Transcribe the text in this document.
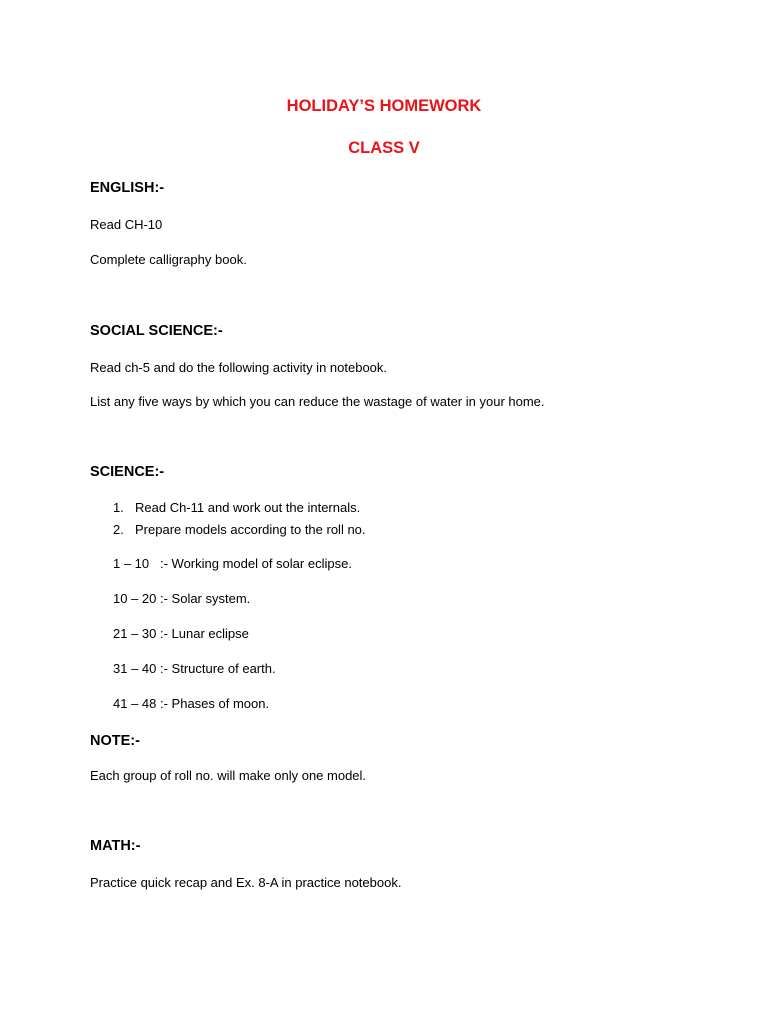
HOLIDAY’S HOMEWORK
CLASS V
ENGLISH:-
Read CH-10
Complete calligraphy book.
SOCIAL SCIENCE:-
Read ch-5 and do the following activity in notebook.
List any five ways by which you can reduce the wastage of water in your home.
SCIENCE:-
1. Read Ch-11 and work out the internals.
2. Prepare models according to the roll no.
1 – 10   :- Working model of solar eclipse.
10 – 20 :- Solar system.
21 – 30 :- Lunar eclipse
31 – 40 :- Structure of earth.
41 – 48 :- Phases of moon.
NOTE:-
Each group of roll no. will make only one model.
MATH:-
Practice quick recap and Ex. 8-A in practice notebook.
